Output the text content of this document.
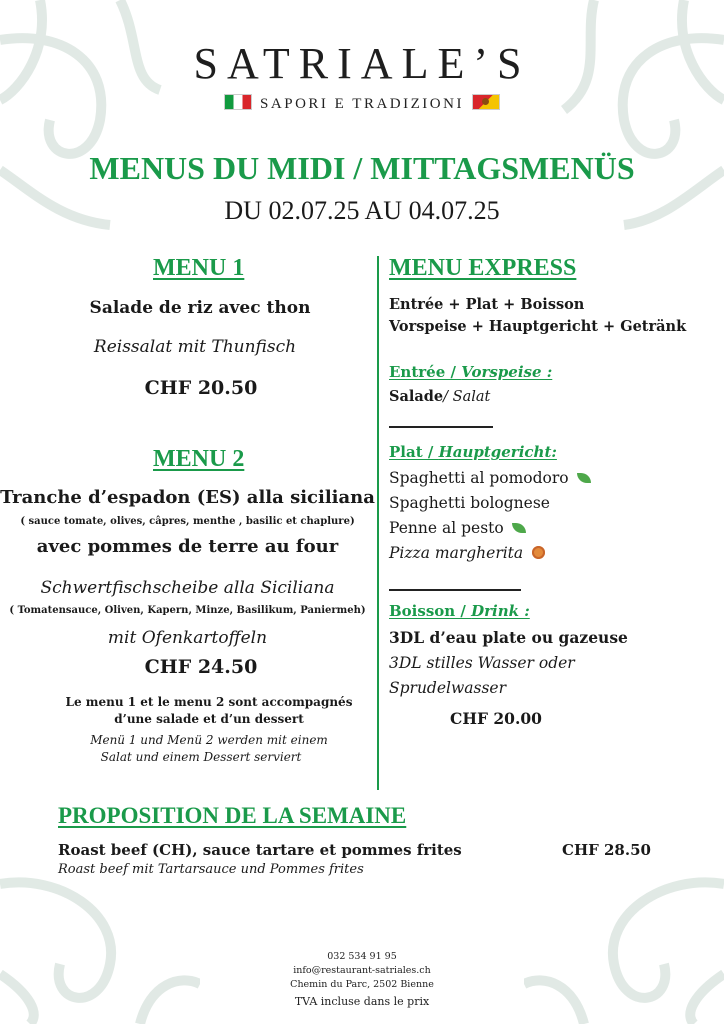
SATRIALE’S
SAPORI E TRADIZIONI
MENUS DU MIDI / MITTAGSMENÜS
DU 02.07.25 AU 04.07.25
MENU 1
Salade de riz avec thon
Reissalat mit Thunfisch
CHF 20.50
MENU 2
Tranche d’espadon (ES) alla siciliana
( sauce tomate, olives, câpres, menthe , basilic et chaplure)
avec pommes de terre au four
Schwertfischscheibe alla Siciliana
( Tomatensauce, Oliven, Kapern, Minze, Basilikum, Paniermeh)
mit Ofenkartoffeln
CHF 24.50
Le menu 1 et le menu 2 sont accompagnés
d’une salade et d’un dessert
Menü 1 und Menü 2 werden mit einem
Salat und einem Dessert serviert
MENU EXPRESS
Entrée + Plat + Boisson
Vorspeise + Hauptgericht + Getränk
Entrée / Vorspeise :
Salade/ Salat
Plat / Hauptgericht:
Spaghetti al pomodoro
Spaghetti bolognese
Penne al pesto
Pizza margherita
Boisson / Drink :
3DL d’eau plate ou gazeuse
3DL stilles Wasser oder
Sprudelwasser
CHF 20.00
PROPOSITION DE LA SEMAINE
Roast beef (CH), sauce tartare et pommes frites	CHF 28.50
Roast beef mit Tartarsauce und Pommes frites
032 534 91 95
info@restaurant-satriales.ch
Chemin du Parc, 2502 Bienne
TVA incluse dans le prix
